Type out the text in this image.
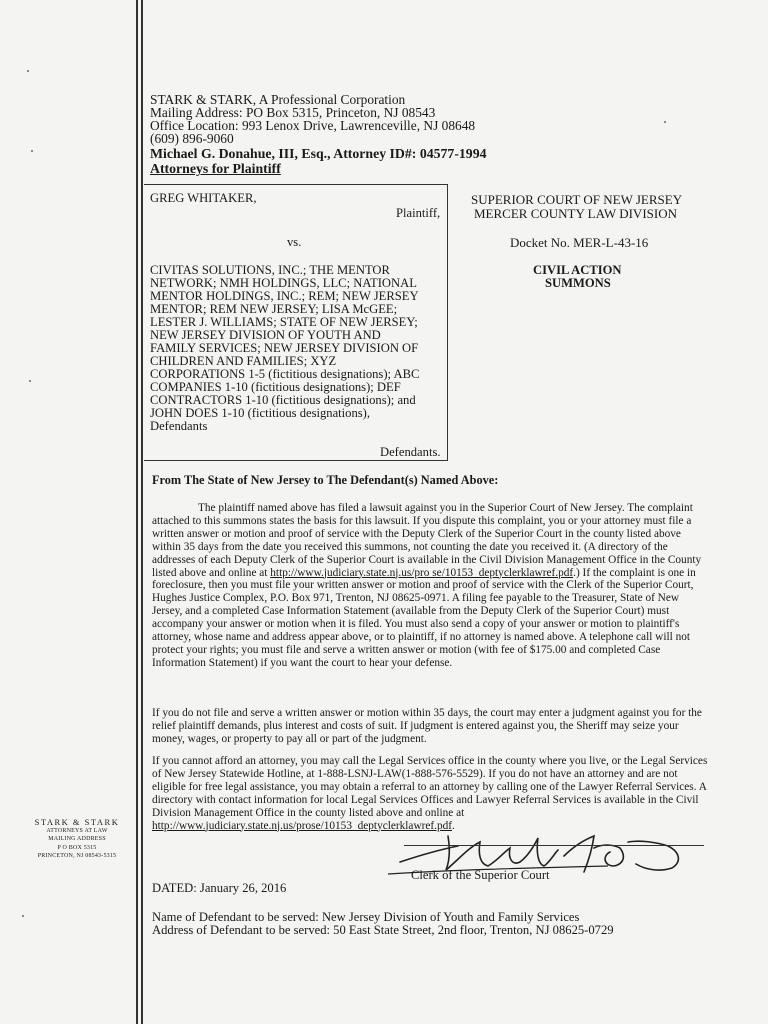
STARK & STARK, A Professional Corporation
Mailing Address: PO Box 5315, Princeton, NJ 08543
Office Location: 993 Lenox Drive, Lawrenceville, NJ 08648
(609) 896-9060
Michael G. Donahue, III, Esq., Attorney ID#: 04577-1994
Attorneys for Plaintiff
GREG WHITAKER,
Plaintiff,
vs.
CIVITAS SOLUTIONS, INC.; THE MENTOR
NETWORK; NMH HOLDINGS, LLC; NATIONAL
MENTOR HOLDINGS, INC.; REM; NEW JERSEY
MENTOR; REM NEW JERSEY; LISA McGEE;
LESTER J. WILLIAMS; STATE OF NEW JERSEY;
NEW JERSEY DIVISION OF YOUTH AND
FAMILY SERVICES; NEW JERSEY DIVISION OF
CHILDREN AND FAMILIES; XYZ
CORPORATIONS 1-5 (fictitious designations); ABC
COMPANIES 1-10 (fictitious designations); DEF
CONTRACTORS 1-10 (fictitious designations); and
JOHN DOES 1-10 (fictitious designations),
Defendants
Defendants.
SUPERIOR COURT OF NEW JERSEY
MERCER COUNTY LAW DIVISION
Docket No. MER-L-43-16
CIVIL ACTION
SUMMONS
From The State of New Jersey to The Defendant(s) Named Above:
The plaintiff named above has filed a lawsuit against you in the Superior Court of New Jersey. The complaint attached to this summons states the basis for this lawsuit. If you dispute this complaint, you or your attorney must file a written answer or motion and proof of service with the Deputy Clerk of the Superior Court in the county listed above within 35 days from the date you received this summons, not counting the date you received it. (A directory of the addresses of each Deputy Clerk of the Superior Court is available in the Civil Division Management Office in the County listed above and online at http://www.judiciary.state.nj.us/pro se/10153_deptyclerklawref.pdf.) If the complaint is one in foreclosure, then you must file your written answer or motion and proof of service with the Clerk of the Superior Court, Hughes Justice Complex, P.O. Box 971, Trenton, NJ 08625-0971. A filing fee payable to the Treasurer, State of New Jersey, and a completed Case Information Statement (available from the Deputy Clerk of the Superior Court) must accompany your answer or motion when it is filed. You must also send a copy of your answer or motion to plaintiff's attorney, whose name and address appear above, or to plaintiff, if no attorney is named above. A telephone call will not protect your rights; you must file and serve a written answer or motion (with fee of $175.00 and completed Case Information Statement) if you want the court to hear your defense.
If you do not file and serve a written answer or motion within 35 days, the court may enter a judgment against you for the relief plaintiff demands, plus interest and costs of suit. If judgment is entered against you, the Sheriff may seize your money, wages, or property to pay all or part of the judgment.
If you cannot afford an attorney, you may call the Legal Services office in the county where you live, or the Legal Services of New Jersey Statewide Hotline, at 1-888-LSNJ-LAW(1-888-576-5529). If you do not have an attorney and are not eligible for free legal assistance, you may obtain a referral to an attorney by calling one of the Lawyer Referral Services. A directory with contact information for local Legal Services Offices and Lawyer Referral Services is available in the Civil Division Management Office in the county listed above and online at http://www.judiciary.state.nj.us/prose/10153_deptyclerklawref.pdf.
Clerk of the Superior Court
DATED: January 26, 2016
Name of Defendant to be served: New Jersey Division of Youth and Family Services
Address of Defendant to be served: 50 East State Street, 2nd floor, Trenton, NJ 08625-0729
STARK & STARK
ATTORNEYS AT LAW
MAILING ADDRESS
P O BOX 5315
PRINCETON, NJ 08543-5315
